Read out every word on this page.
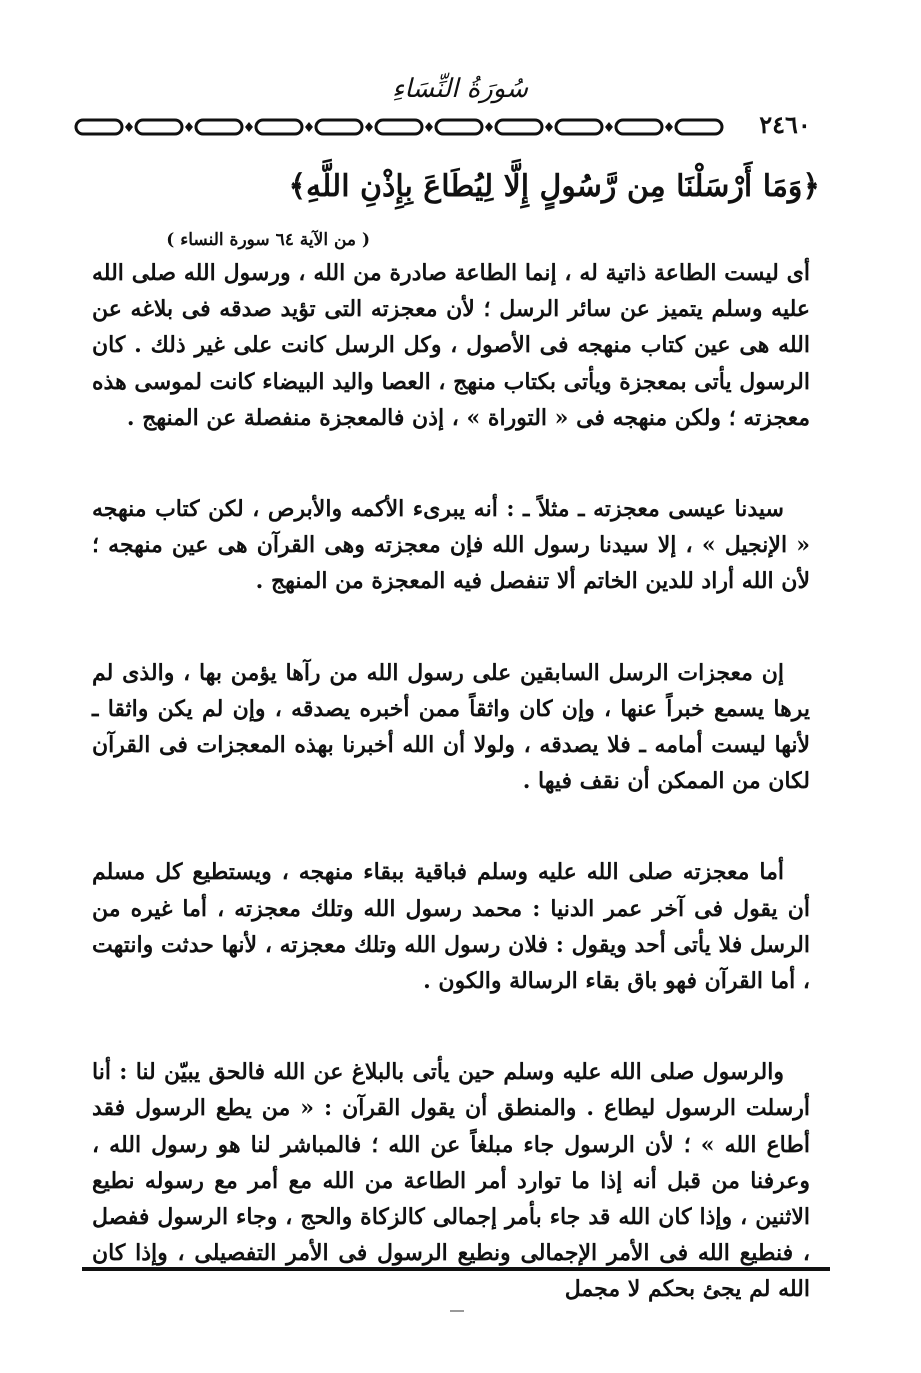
سُورَةُ النِّسَاءِ
٢٤٦٠
﴿وَمَا أَرْسَلْنَا مِن رَّسُولٍ إِلَّا لِيُطَاعَ بِإِذْنِ اللَّهِ﴾
( من الآية ٦٤ سورة النساء )

أى ليست الطاعة ذاتية له ، إنما الطاعة صادرة من الله ، ورسول الله صلى الله عليه وسلم يتميز عن سائر الرسل ؛ لأن معجزته التى تؤيد صدقه فى بلاغه عن الله هى عين كتاب منهجه فى الأصول ، وكل الرسل كانت على غير ذلك . كان الرسول يأتى بمعجزة ويأتى بكتاب منهج ، العصا واليد البيضاء كانت لموسى هذه معجزته ؛ ولكن منهجه فى « التوراة » ، إذن فالمعجزة منفصلة عن المنهج .

سيدنا عيسى معجزته ـ مثلاً ـ : أنه يبرىء الأكمه والأبرص ، لكن كتاب منهجه « الإنجيل » ، إلا سيدنا رسول الله فإن معجزته وهى القرآن هى عين منهجه ؛ لأن الله أراد للدين الخاتم ألا تنفصل فيه المعجزة من المنهج .

إن معجزات الرسل السابقين على رسول الله من رآها يؤمن بها ، والذى لم يرها يسمع خبراً عنها ، وإن كان واثقاً ممن أخبره يصدقه ، وإن لم يكن واثقا ـ لأنها ليست أمامه ـ فلا يصدقه ، ولولا أن الله أخبرنا بهذه المعجزات فى القرآن لكان من الممكن أن نقف فيها .

أما معجزته صلى الله عليه وسلم فباقية ببقاء منهجه ، ويستطيع كل مسلم أن يقول فى آخر عمر الدنيا : محمد رسول الله وتلك معجزته ، أما غيره من الرسل فلا يأتى أحد ويقول : فلان رسول الله وتلك معجزته ، لأنها حدثت وانتهت ، أما القرآن فهو باق بقاء الرسالة والكون .

والرسول صلى الله عليه وسلم حين يأتى بالبلاغ عن الله فالحق يبيّن لنا : أنا أرسلت الرسول ليطاع . والمنطق أن يقول القرآن : « من يطع الرسول فقد أطاع الله » ؛ لأن الرسول جاء مبلغاً عن الله ؛ فالمباشر لنا هو رسول الله ، وعرفنا من قبل أنه إذا ما توارد أمر الطاعة من الله مع أمر مع رسوله نطيع الاثنين ، وإذا كان الله قد جاء بأمر إجمالى كالزكاة والحج ، وجاء الرسول ففصل ، فنطيع الله فى الأمر الإجمالى ونطيع الرسول فى الأمر التفصيلى ، وإذا كان الله لم يجئ بحكم لا مجمل
